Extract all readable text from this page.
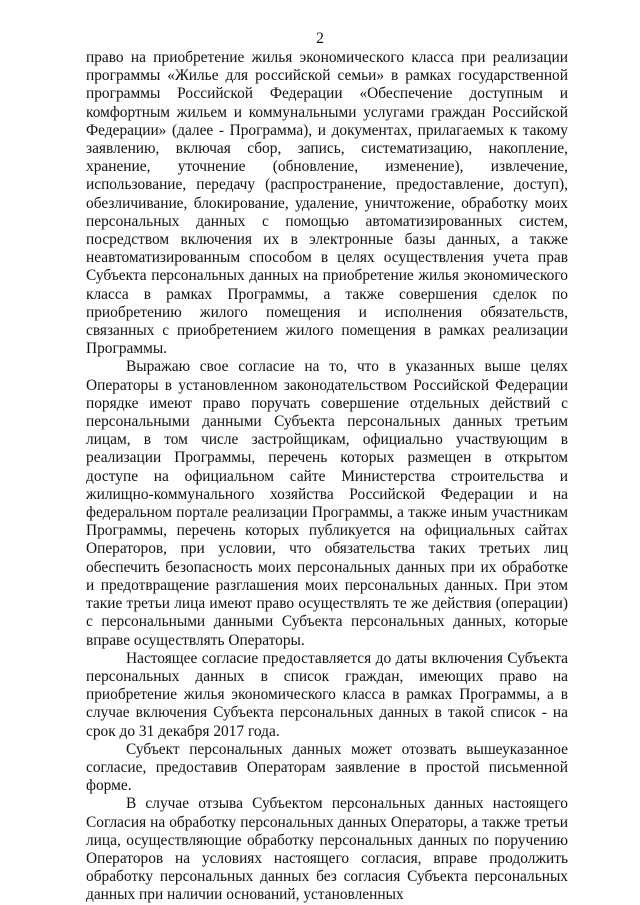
2

право на приобретение жилья экономического класса при реализации программы «Жилье для российской семьи» в рамках государственной программы Российской Федерации «Обеспечение доступным и комфортным жильем и коммунальными услугами граждан Российской Федерации» (далее - Программа), и документах, прилагаемых к такому заявлению, включая сбор, запись, систематизацию, накопление, хранение, уточнение (обновление, изменение), извлечение, использование, передачу (распространение, предоставление, доступ), обезличивание, блокирование, удаление, уничтожение, обработку моих персональных данных с помощью автоматизированных систем, посредством включения их в электронные базы данных, а также неавтоматизированным способом в целях осуществления учета прав Субъекта персональных данных на приобретение жилья экономического класса в рамках Программы, а также совершения сделок по приобретению жилого помещения и исполнения обязательств, связанных с приобретением жилого помещения в рамках реализации Программы.

Выражаю свое согласие на то, что в указанных выше целях Операторы в установленном законодательством Российской Федерации порядке имеют право поручать совершение отдельных действий с персональными данными Субъекта персональных данных третьим лицам, в том числе застройщикам, официально участвующим в реализации Программы, перечень которых размещен в открытом доступе на официальном сайте Министерства строительства и жилищно-коммунального хозяйства Российской Федерации и на федеральном портале реализации Программы, а также иным участникам Программы, перечень которых публикуется на официальных сайтах Операторов, при условии, что обязательства таких третьих лиц обеспечить безопасность моих персональных данных при их обработке и предотвращение разглашения моих персональных данных. При этом такие третьи лица имеют право осуществлять те же действия (операции) с персональными данными Субъекта персональных данных, которые вправе осуществлять Операторы.

Настоящее согласие предоставляется до даты включения Субъекта персональных данных в список граждан, имеющих право на приобретение жилья экономического класса в рамках Программы, а в случае включения Субъекта персональных данных в такой список - на срок до 31 декабря 2017 года.

Субъект персональных данных может отозвать вышеуказанное согласие, предоставив Операторам заявление в простой письменной форме.

В случае отзыва Субъектом персональных данных настоящего Согласия на обработку персональных данных Операторы, а также третьи лица, осуществляющие обработку персональных данных по поручению Операторов на условиях настоящего согласия, вправе продолжить обработку персональных данных без согласия Субъекта персональных данных при наличии оснований, установленных
